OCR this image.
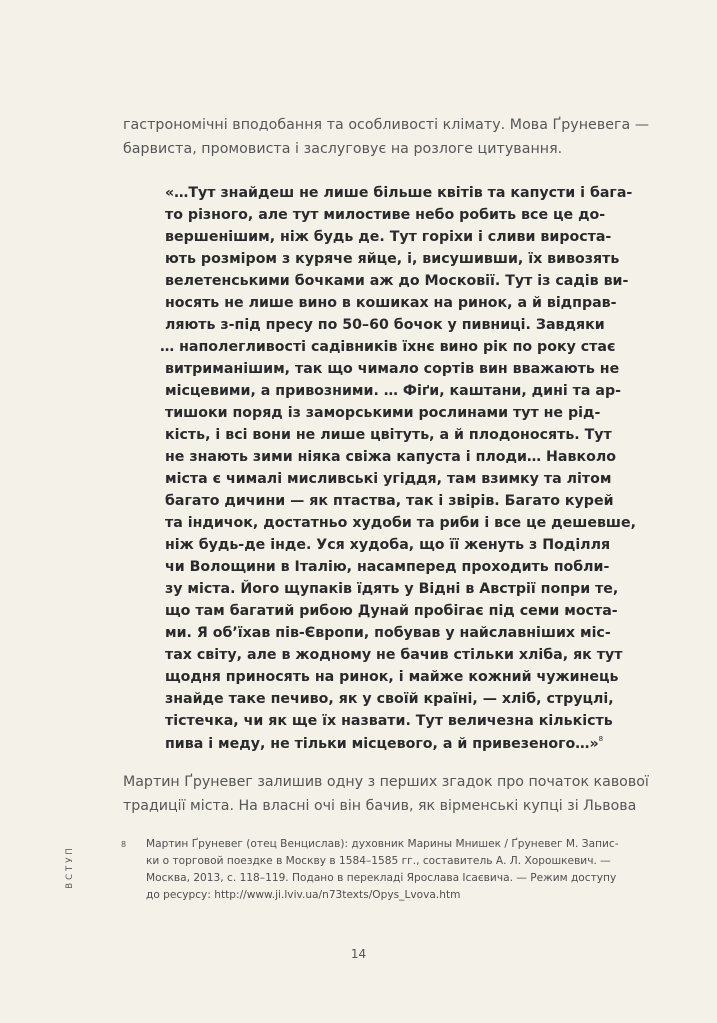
гастрономічні вподобання та особливості клімату. Мова Ґруневега —
барвиста, промовиста і заслуговує на розлоге цитування.
«…Тут знайдеш не лише більше квітів та капусти і бага-
то різного, але тут милостиве небо робить все це до-
вершенішим, ніж будь де. Тут горіхи і сливи виростa-
ють розміром з куряче яйце, і, висушивши, їх вивозять
велетенськими бочками аж до Московії. Тут із садів ви-
носять не лише вино в кошиках на ринок, а й відправ-
ляють з-під пресу по 50–60 бочок у пивниці. Завдяки
… наполегливості садівників їхнє вино рік по року стає
витриманішим, так що чимало сортів вин вважають не
місцевими, а привозними. … Фіґи, каштани, дині та ар-
тишоки поряд із заморськими рослинами тут не рід-
кість, і всі вони не лише цвітуть, а й плодоносять. Тут
не знають зими ніяка свіжа капуста і плоди… Навколо
міста є чималі мисливські угіддя, там взимку та літом
багато дичини — як птаства, так і звірів. Багато курей
та індичок, достатньо худоби та риби і все це дешевше,
ніж будь-де інде. Уся худоба, що її женуть з Поділля
чи Волощини в Італію, насамперед проходить побли-
зу міста. Його щупаків їдять у Відні в Австрії попри те,
що там багатий рибою Дунай пробігає під семи моста-
ми. Я об’їхав пів-Європи, побував у найславніших міс-
тах світу, але в жодному не бачив стільки хліба, як тут
щодня приносять на ринок, і майже кожний чужинець
знайде таке печиво, як у своїй країні, — хліб, струцлі,
тістечка, чи як ще їх назвати. Тут величезна кількість
пива і меду, не тільки місцевого, а й привезеного…»$^8$
Мартин Ґруневег залишив одну з перших згадок про початок кавової
традиції міста. На власні очі він бачив, як вірменські купці зі Львова
ВСТУП
8 Мартин Ґруневег (отец Венцислав): духовник Марины Мнишек / Ґруневег М. Запис-
ки о торговой поездке в Москву в 1584–1585 гг., составитель А. Л. Хорошкевич. —
Москва, 2013, с. 118–119. Подано в перекладі Ярослава Ісаєвича. — Режим доступу
до ресурсу: http://www.ji.lviv.ua/n73texts/Opys_Lvova.htm
14
